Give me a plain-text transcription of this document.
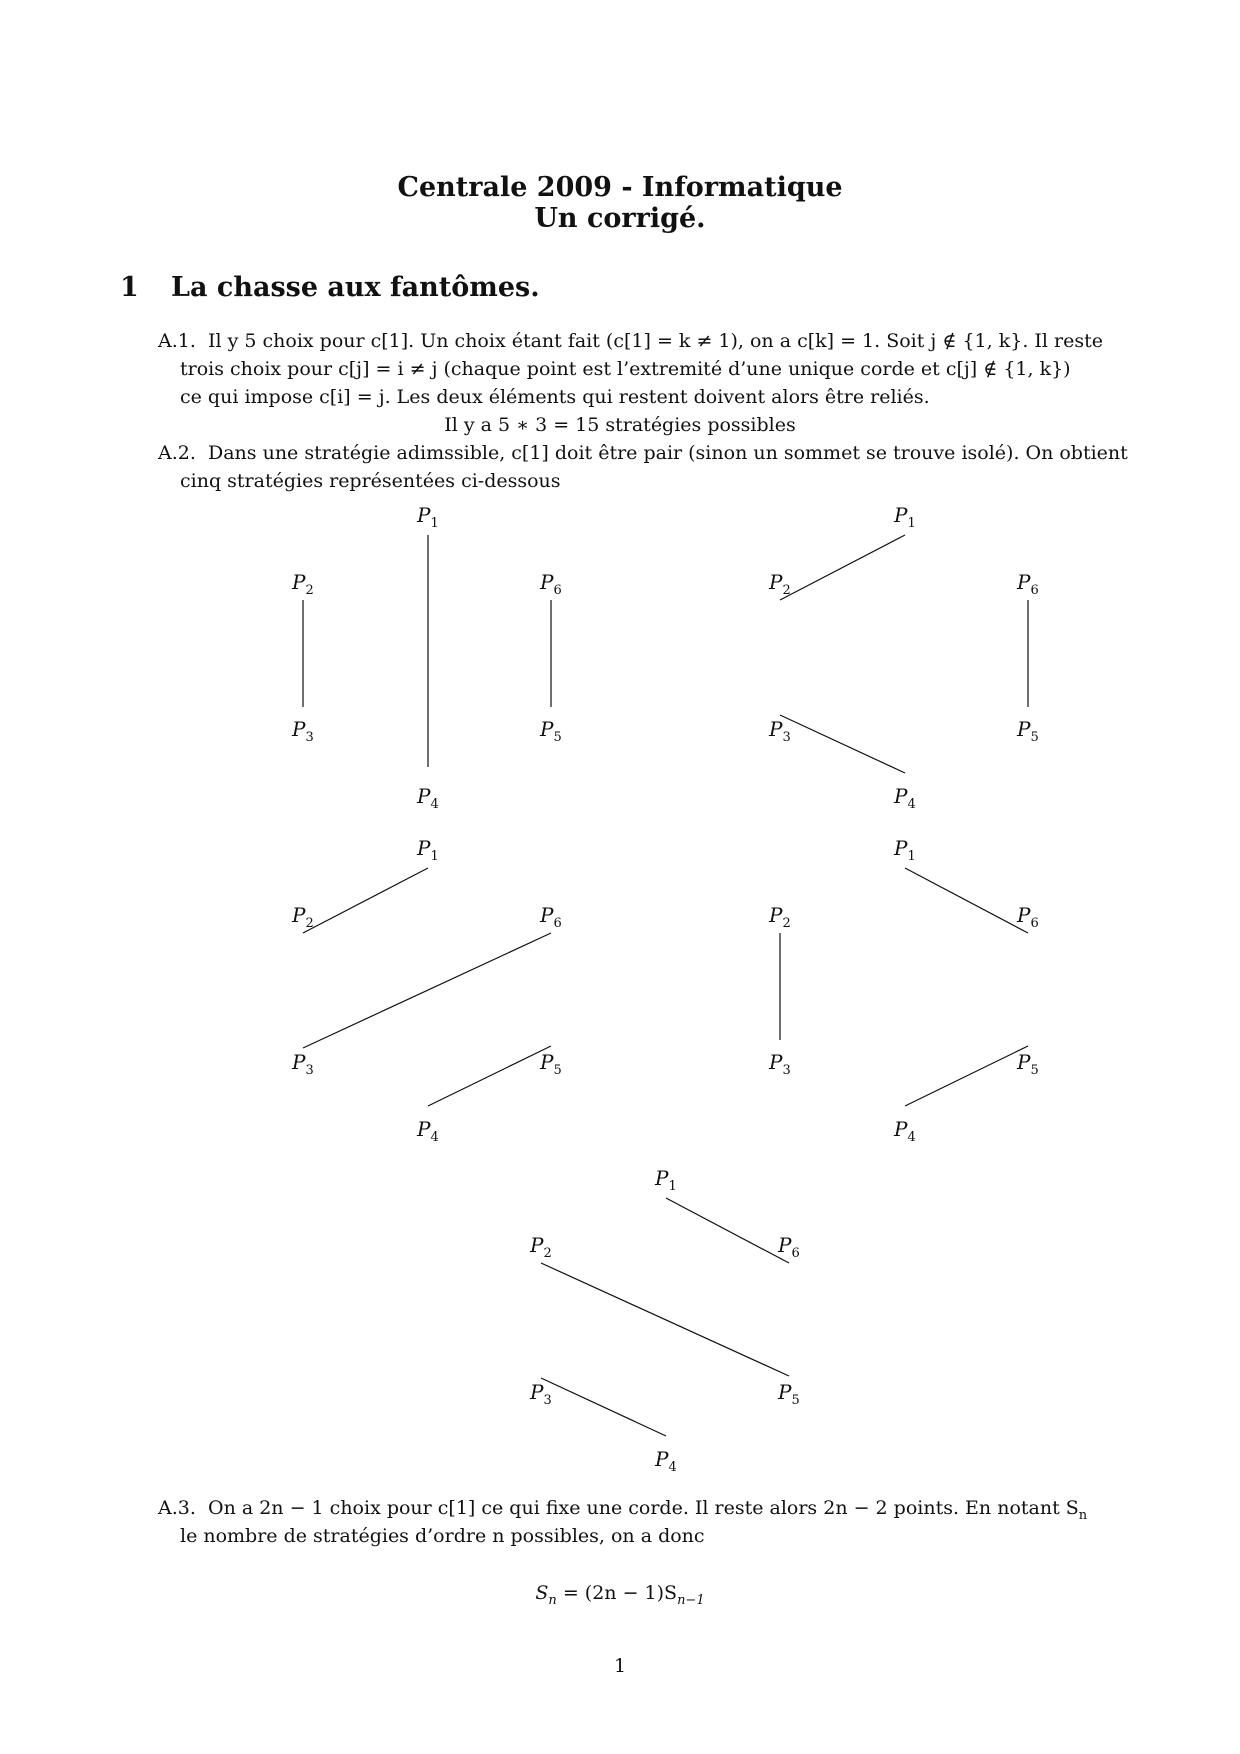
Centrale 2009 - Informatique
Un corrigé.
1 La chasse aux fantômes.
A.1. Il y 5 choix pour c[1]. Un choix étant fait (c[1] = k ≠ 1), on a c[k] = 1. Soit j ∉ {1, k}. Il reste
trois choix pour c[j] = i ≠ j (chaque point est l’extremité d’une unique corde et c[j] ∉ {1, k})
ce qui impose c[i] = j. Les deux éléments qui restent doivent alors être reliés.
Il y a 5 ∗ 3 = 15 stratégies possibles
A.2. Dans une stratégie adimssible, c[1] doit être pair (sinon un sommet se trouve isolé). On obtient
cinq stratégies représentées ci-dessous
$P_1$
$P_2$
$P_3$
$P_4$
$P_5$
$P_6$
$P_1$
$P_2$
$P_3$
$P_4$
$P_5$
$P_6$
$P_1$
$P_2$
$P_3$
$P_4$
$P_5$
$P_6$
$P_1$
$P_2$
$P_3$
$P_4$
$P_5$
$P_6$
$P_1$
$P_2$
$P_3$
$P_4$
$P_5$
$P_6$
A.3. On a 2n − 1 choix pour c[1] ce qui fixe une corde. Il reste alors 2n − 2 points. En notant $S_n$
le nombre de stratégies d’ordre n possibles, on a donc
$S_n = (2n - 1)S_{n-1}$
1
